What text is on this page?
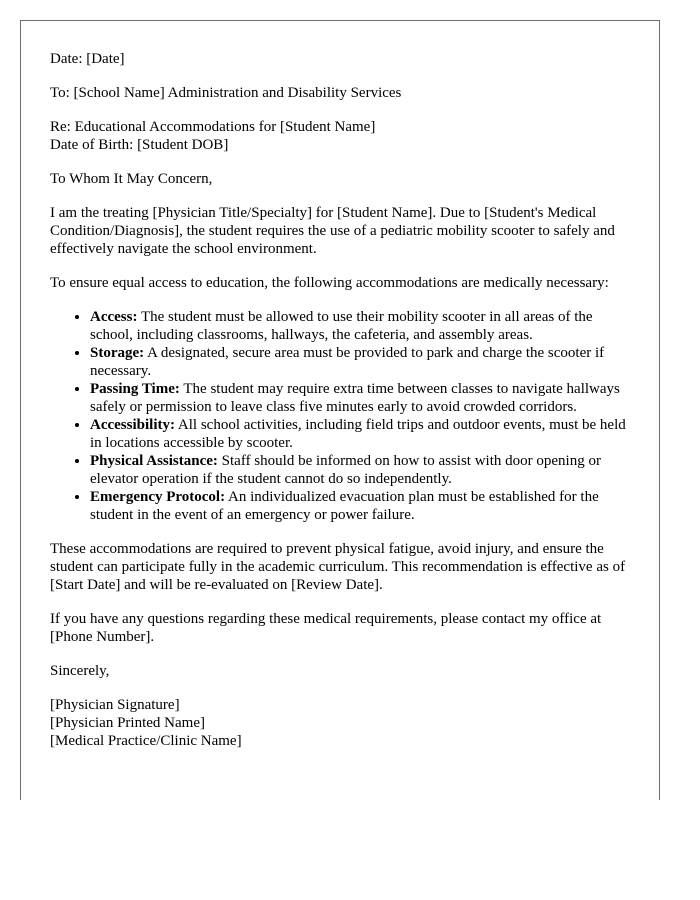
Date: [Date]

To: [School Name] Administration and Disability Services

Re: Educational Accommodations for [Student Name]
Date of Birth: [Student DOB]

To Whom It May Concern,

I am the treating [Physician Title/Specialty] for [Student Name]. Due to [Student's Medical Condition/Diagnosis], the student requires the use of a pediatric mobility scooter to safely and effectively navigate the school environment.

To ensure equal access to education, the following accommodations are medically necessary:

• Access: The student must be allowed to use their mobility scooter in all areas of the school, including classrooms, hallways, the cafeteria, and assembly areas.
• Storage: A designated, secure area must be provided to park and charge the scooter if necessary.
• Passing Time: The student may require extra time between classes to navigate hallways safely or permission to leave class five minutes early to avoid crowded corridors.
• Accessibility: All school activities, including field trips and outdoor events, must be held in locations accessible by scooter.
• Physical Assistance: Staff should be informed on how to assist with door opening or elevator operation if the student cannot do so independently.
• Emergency Protocol: An individualized evacuation plan must be established for the student in the event of an emergency or power failure.

These accommodations are required to prevent physical fatigue, avoid injury, and ensure the student can participate fully in the academic curriculum. This recommendation is effective as of [Start Date] and will be re-evaluated on [Review Date].

If you have any questions regarding these medical requirements, please contact my office at [Phone Number].

Sincerely,

[Physician Signature]
[Physician Printed Name]
[Medical Practice/Clinic Name]
